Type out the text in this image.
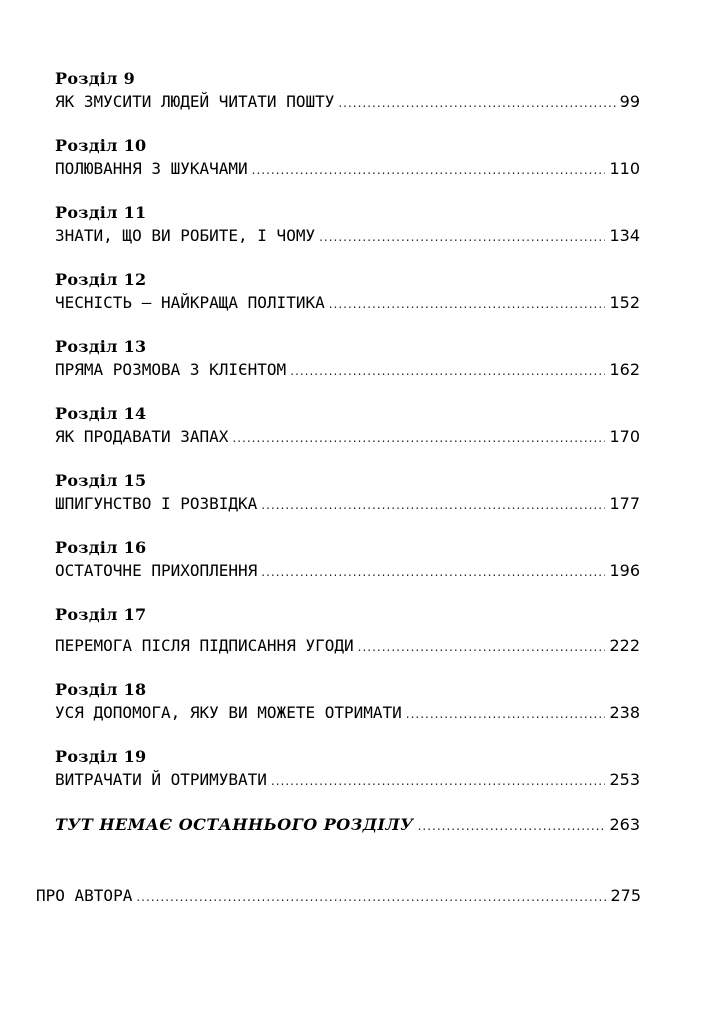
Розділ 9
ЯК ЗМУСИТИ ЛЮДЕЙ ЧИТАТИ ПОШТУ .....	99
Розділ 10
ПОЛЮВАННЯ З ШУКАЧАМИ .....	110
Розділ 11
ЗНАТИ, ЩО ВИ РОБИТЕ, І ЧОМУ .....	134
Розділ 12
ЧЕСНІСТЬ – НАЙКРАЩА ПОЛІТИКА .....	152
Розділ 13
ПРЯМА РОЗМОВА З КЛІЄНТОМ .....	162
Розділ 14
ЯК ПРОДАВАТИ ЗАПАХ .....	170
Розділ 15
ШПИГУНСТВО І РОЗВІДКА .....	177
Розділ 16
ОСТАТОЧНЕ ПРИХОПЛЕННЯ .....	196
Розділ 17
ПЕРЕМОГА ПІСЛЯ ПІДПИСАННЯ УГОДИ .....	222
Розділ 18
УСЯ ДОПОМОГА, ЯКУ ВИ МОЖЕТЕ ОТРИМАТИ .....	238
Розділ 19
ВИТРАЧАТИ Й ОТРИМУВАТИ .....	253
ТУТ НЕМАЄ ОСТАННЬОГО РОЗДІЛУ .....	263
ПРО АВТОРА .....	275
